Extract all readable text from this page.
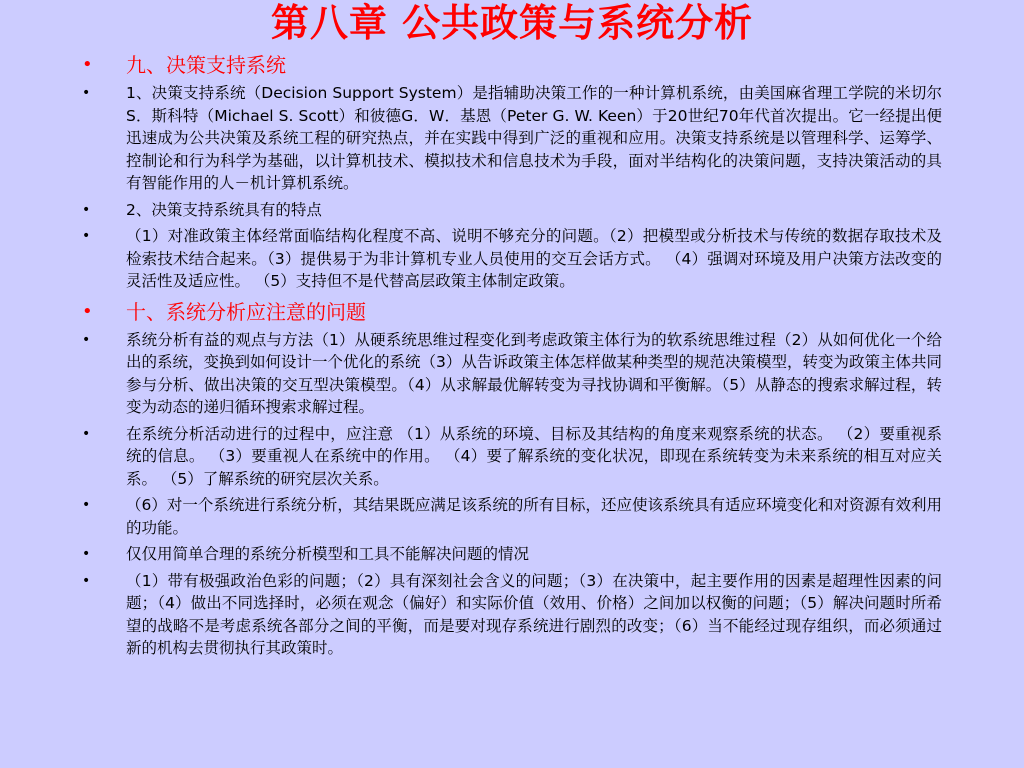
第八章 公共政策与系统分析
•	九、决策支持系统
•	1、决策支持系统（Decision Support System）是指辅助决策工作的一种计算机系统，由美国麻省理工学院的米切尔S．斯科特（Michael S. Scott）和彼德G．W．基恩（Peter G. W. Keen）于20世纪70年代首次提出。它一经提出便迅速成为公共决策及系统工程的研究热点，并在实践中得到广泛的重视和应用。决策支持系统是以管理科学、运筹学、控制论和行为科学为基础，以计算机技术、模拟技术和信息技术为手段，面对半结构化的决策问题，支持决策活动的具有智能作用的人－机计算机系统。
•	2、决策支持系统具有的特点
•	（1）对准政策主体经常面临结构化程度不高、说明不够充分的问题。（2）把模型或分析技术与传统的数据存取技术及检索技术结合起来。（3）提供易于为非计算机专业人员使用的交互会话方式。 （4）强调对环境及用户决策方法改变的灵活性及适应性。 （5）支持但不是代替高层政策主体制定政策。
•	十、系统分析应注意的问题
•	系统分析有益的观点与方法（1）从硬系统思维过程变化到考虑政策主体行为的软系统思维过程（2）从如何优化一个给出的系统，变换到如何设计一个优化的系统（3）从告诉政策主体怎样做某种类型的规范决策模型，转变为政策主体共同参与分析、做出决策的交互型决策模型。（4）从求解最优解转变为寻找协调和平衡解。（5）从静态的搜索求解过程，转变为动态的递归循环搜索求解过程。
•	在系统分析活动进行的过程中，应注意 （1）从系统的环境、目标及其结构的角度来观察系统的状态。 （2）要重视系统的信息。 （3）要重视人在系统中的作用。 （4）要了解系统的变化状况，即现在系统转变为未来系统的相互对应关系。 （5）了解系统的研究层次关系。
•	（6）对一个系统进行系统分析，其结果既应满足该系统的所有目标，还应使该系统具有适应环境变化和对资源有效利用的功能。
•	仅仅用简单合理的系统分析模型和工具不能解决问题的情况
•	（1）带有极强政治色彩的问题；（2）具有深刻社会含义的问题；（3）在决策中，起主要作用的因素是超理性因素的问题；（4）做出不同选择时，必须在观念（偏好）和实际价值（效用、价格）之间加以权衡的问题；（5）解决问题时所希望的战略不是考虑系统各部分之间的平衡，而是要对现存系统进行剧烈的改变；（6）当不能经过现存组织，而必须通过新的机构去贯彻执行其政策时。
